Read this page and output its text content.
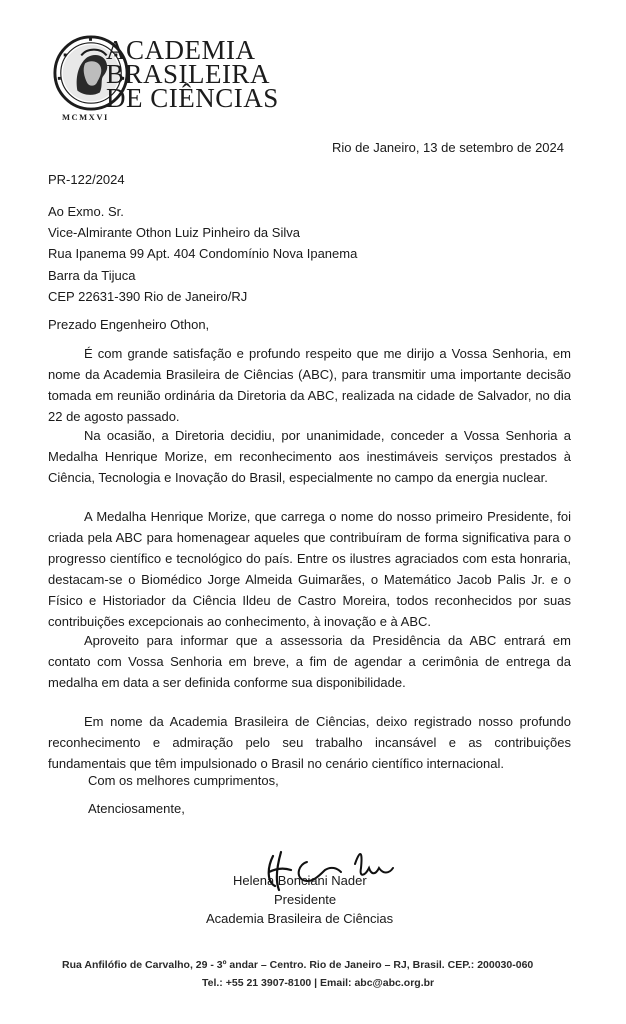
ACADEMIA
BRASILEIRA
DE CIÊNCIAS
MCMXVI
Rio de Janeiro, 13 de setembro de 2024
PR-122/2024
Ao Exmo. Sr.
Vice-Almirante Othon Luiz Pinheiro da Silva
Rua Ipanema 99 Apt. 404 Condomínio Nova Ipanema
Barra da Tijuca
CEP 22631-390 Rio de Janeiro/RJ
Prezado Engenheiro Othon,
É com grande satisfação e profundo respeito que me dirijo a Vossa Senhoria, em nome da Academia Brasileira de Ciências (ABC), para transmitir uma importante decisão tomada em reunião ordinária da Diretoria da ABC, realizada na cidade de Salvador, no dia 22 de agosto passado.
Na ocasião, a Diretoria decidiu, por unanimidade, conceder a Vossa Senhoria a Medalha Henrique Morize, em reconhecimento aos inestimáveis serviços prestados à Ciência, Tecnologia e Inovação do Brasil, especialmente no campo da energia nuclear.
A Medalha Henrique Morize, que carrega o nome do nosso primeiro Presidente, foi criada pela ABC para homenagear aqueles que contribuíram de forma significativa para o progresso científico e tecnológico do país. Entre os ilustres agraciados com esta honraria, destacam-se o Biomédico Jorge Almeida Guimarães, o Matemático Jacob Palis Jr. e o Físico e Historiador da Ciência Ildeu de Castro Moreira, todos reconhecidos por suas contribuições excepcionais ao conhecimento, à inovação e à ABC.
Aproveito para informar que a assessoria da Presidência da ABC entrará em contato com Vossa Senhoria em breve, a fim de agendar a cerimônia de entrega da medalha em data a ser definida conforme sua disponibilidade.
Em nome da Academia Brasileira de Ciências, deixo registrado nosso profundo reconhecimento e admiração pelo seu trabalho incansável e as contribuições fundamentais que têm impulsionado o Brasil no cenário científico internacional.
Com os melhores cumprimentos,
Atenciosamente,
Helena Bonciani Nader
Presidente
Academia Brasileira de Ciências
Rua Anfilófio de Carvalho, 29 - 3º andar – Centro. Rio de Janeiro – RJ, Brasil. CEP.: 200030-060
Tel.: +55 21 3907-8100 | Email: abc@abc.org.br
